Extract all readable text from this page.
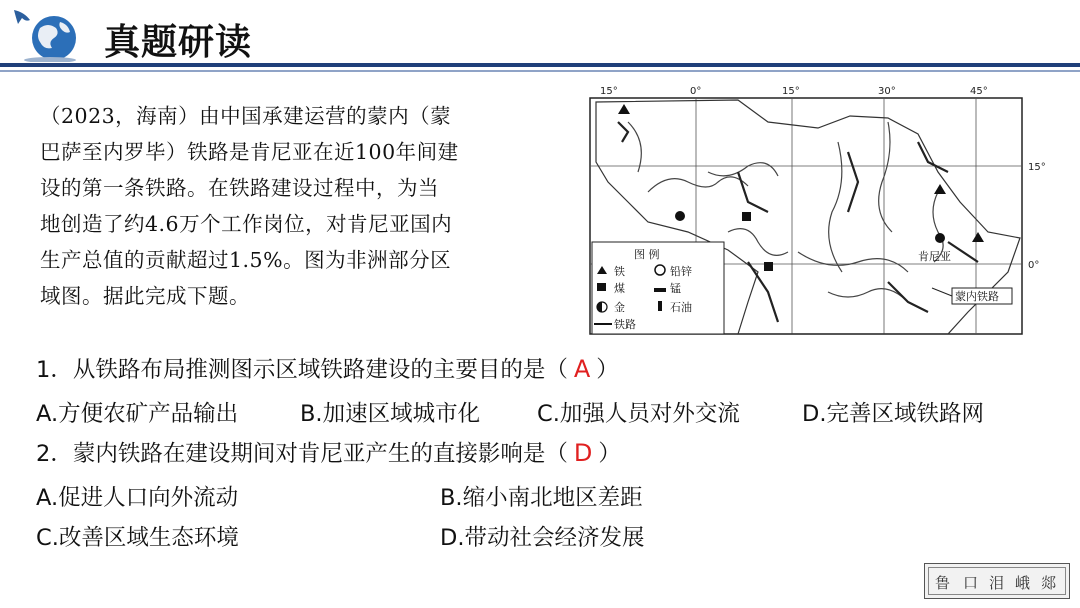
真题研读
（2023，海南）由中国承建运营的蒙内（蒙
巴萨至内罗毕）铁路是肯尼亚在近100年间建
设的第一条铁路。在铁路建设过程中，为当
地创造了约4.6万个工作岗位，对肯尼亚国内
生产总值的贡献超过1.5%。图为非洲部分区
域图。据此完成下题。
15°	0°	15°	30°	45°
15°
0°
图 例
铁	铅锌
煤	锰
金	石油
铁路
肯尼亚
蒙内铁路
1．从铁路布局推测图示区域铁路建设的主要目的是（ A ）
A.方便农矿产品输出	B.加速区域城市化	C.加强人员对外交流	D.完善区域铁路网
2．蒙内铁路在建设期间对肯尼亚产生的直接影响是（ D ）
A.促进人口向外流动	B.缩小南北地区差距
C.改善区域生态环境	D.带动社会经济发展
鲁 口 泪 峨 郯
